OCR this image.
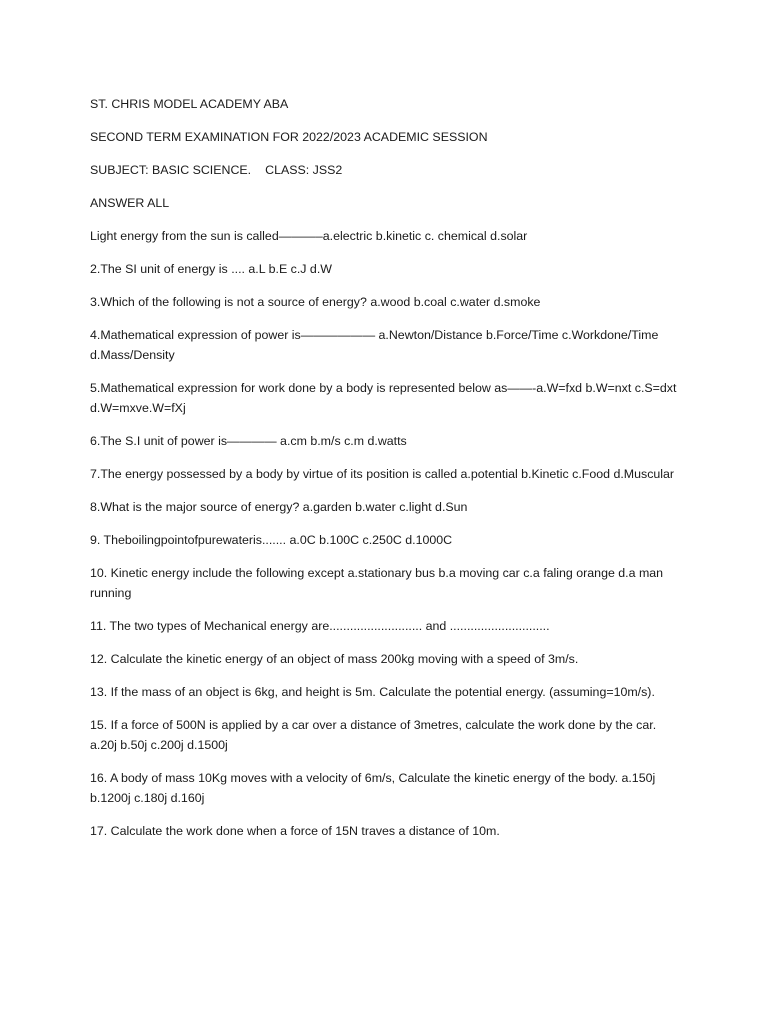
ST. CHRIS MODEL ACADEMY ABA

SECOND TERM EXAMINATION FOR 2022/2023 ACADEMIC SESSION

SUBJECT: BASIC SCIENCE. CLASS: JSS2

ANSWER ALL

Light energy from the sun is called———–a.electric b.kinetic c. chemical d.solar

2.The SI unit of energy is .... a.L b.E c.J d.W

3.Which of the following is not a source of energy? a.wood b.coal c.water d.smoke

4.Mathematical expression of power is—————— a.Newton/Distance b.Force/Time c.Workdone/Time d.Mass/Density

5.Mathematical expression for work done by a body is represented below as——-a.W=fxd b.W=nxt c.S=dxt d.W=mxve.W=fXj

6.The S.I unit of power is———— a.cm b.m/s c.m d.watts

7.The energy possessed by a body by virtue of its position is called a.potential b.Kinetic c.Food d.Muscular

8.What is the major source of energy? a.garden b.water c.light d.Sun

9. Theboilingpointofpurewateris....... a.0C b.100C c.250C d.1000C

10. Kinetic energy include the following except a.stationary bus b.a moving car c.a faling orange d.a man running

11. The two types of Mechanical energy are........................... and .............................

12. Calculate the kinetic energy of an object of mass 200kg moving with a speed of 3m/s.

13. If the mass of an object is 6kg, and height is 5m. Calculate the potential energy. (assuming=10m/s).

15. If a force of 500N is applied by a car over a distance of 3metres, calculate the work done by the car. a.20j b.50j c.200j d.1500j

16. A body of mass 10Kg moves with a velocity of 6m/s, Calculate the kinetic energy of the body. a.150j b.1200j c.180j d.160j

17. Calculate the work done when a force of 15N traves a distance of 10m.
